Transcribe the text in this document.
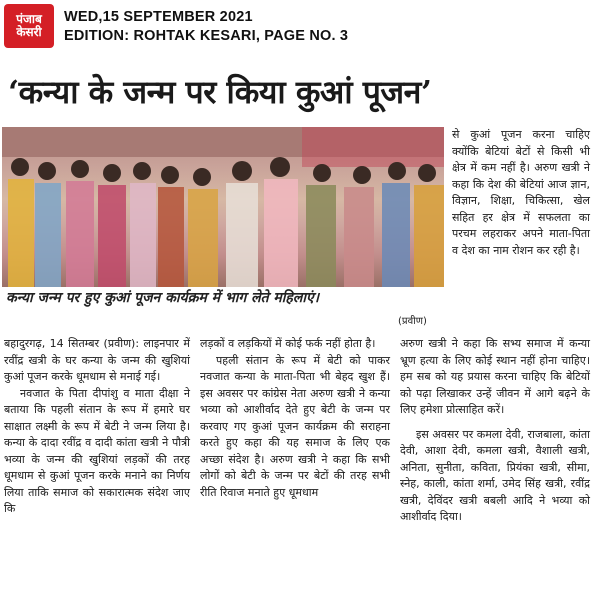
पंजाब
केसरी
WED,15 SEPTEMBER 2021
EDITION: ROHTAK KESARI, PAGE NO. 3
‘कन्या के जन्म पर किया कुआं पूजन’
कन्या जन्म पर हुए कुआं पूजन कार्यक्रम में भाग लेते महिलाएं।
(प्रवीण)

बहादुरगढ़, 14 सितम्बर (प्रवीण): लाइनपार में रवींद्र खत्री के घर कन्या के जन्म की खुशियां कुआं पूजन करके धूमधाम से मनाई गई।

नवजात के पिता दीपांशु व माता दीक्षा ने बताया कि पहली संतान के रूप में हमारे घर साक्षात लक्ष्मी के रूप में बेटी ने जन्म लिया है। कन्या के दादा रवींद्र व दादी कांता खत्री ने पौत्री भव्या के जन्म की खुशियां लड़कों की तरह धूमधाम से कुआं पूजन करके मनाने का निर्णय लिया ताकि समाज को सकारात्मक संदेश जाए कि

लड़कों व लड़कियों में कोई फर्क नहीं होता है।

पहली संतान के रूप में बेटी को पाकर नवजात कन्या के माता-पिता भी बेहद खुश हैं। इस अवसर पर कांग्रेस नेता अरुण खत्री ने कन्या भव्या को आशीर्वाद देते हुए बेटी के जन्म पर करवाए गए कुआं पूजन कार्यक्रम की सराहना करते हुए कहा की यह समाज के लिए एक अच्छा संदेश है। अरुण खत्री ने कहा कि सभी लोगों को बेटी के जन्म पर बेटों की तरह सभी रीति रिवाज मनाते हुए धूमधाम

से कुआं पूजन करना चाहिए क्योंकि बेटियां बेटों से किसी भी क्षेत्र में कम नहीं है। अरुण खत्री ने कहा कि देश की बेटियां आज ज्ञान, विज्ञान, शिक्षा, चिकित्सा, खेल सहित हर क्षेत्र में सफलता का परचम लहराकर अपने माता-पिता व देश का नाम रोशन कर रही है।

अरुण खत्री ने कहा कि सभ्य समाज में कन्या भ्रूण हत्या के लिए कोई स्थान नहीं होना चाहिए। हम सब को यह प्रयास करना चाहिए कि बेटियों को पढ़ा लिखाकर उन्हें जीवन में आगे बढ़ने के लिए हमेशा प्रोत्साहित करें।

इस अवसर पर कमला देवी, राजबाला, कांता देवी, आशा देवी, कमला खत्री, वैशाली खत्री, अनिता, सुनीता, कविता, प्रियंका खत्री, सीमा, स्नेह, काली, कांता शर्मा, उमेद सिंह खत्री, रवींद्र खत्री, देविंदर खत्री बबली आदि ने भव्या को आशीर्वाद दिया।
